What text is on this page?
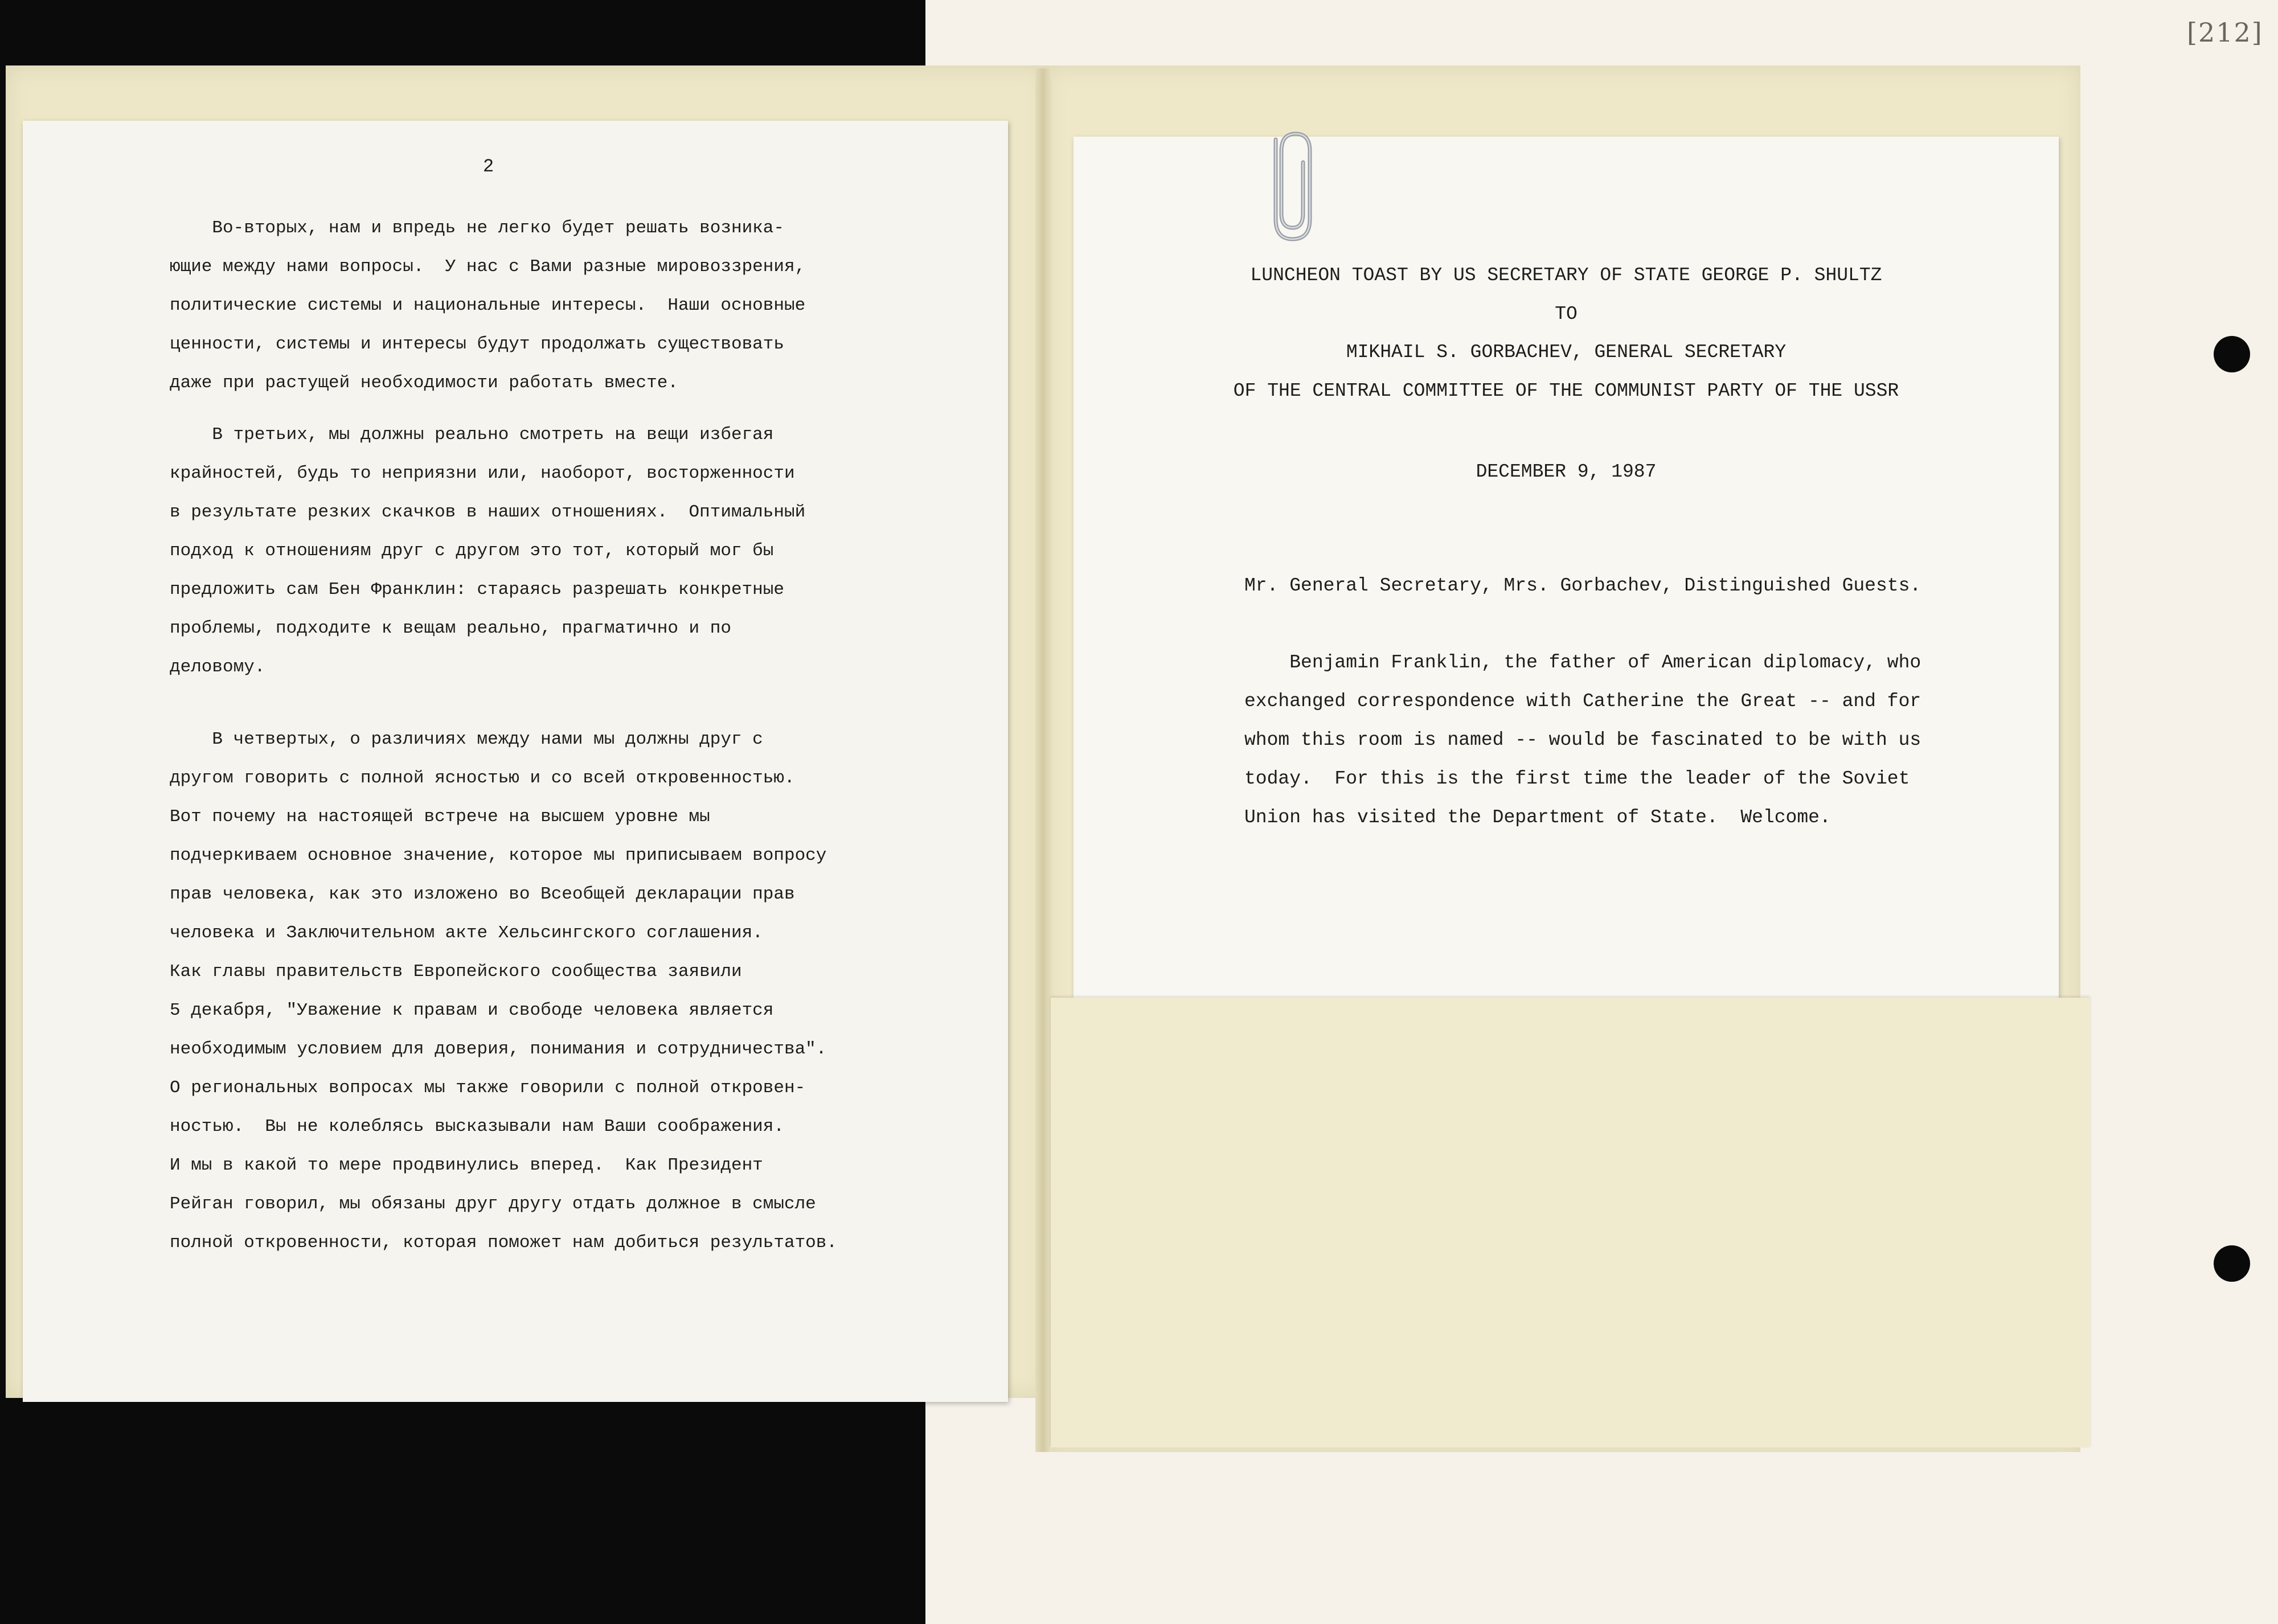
[212]
2
Во-вторых, нам и впредь не легко будет решать возника-
ющие между нами вопросы.  У нас с Вами разные мировоззрения,
политические системы и национальные интересы.  Наши основные
ценности, системы и интересы будут продолжать существовать
даже при растущей необходимости работать вместе.
В третьих, мы должны реально смотреть на вещи избегая
крайностей, будь то неприязни или, наоборот, восторженности
в результате резких скачков в наших отношениях.  Оптимальный
подход к отношениям друг с другом это тот, который мог бы
предложить сам Бен Франклин: стараясь разрешать конкретные
проблемы, подходите к вещам реально, прагматично и по
деловому.
В четвертых, о различиях между нами мы должны друг с
другом говорить с полной ясностью и со всей откровенностью.
Вот почему на настоящей встрече на высшем уровне мы
подчеркиваем основное значение, которое мы приписываем вопросу
прав человека, как это изложено во Всеобщей декларации прав
человека и Заключительном акте Хельсингского соглашения.
Как главы правительств Европейского сообщества заявили
5 декабря, "Уважение к правам и свободе человека является
необходимым условием для доверия, понимания и сотрудничества".
О региональных вопросах мы также говорили с полной откровен-
ностью.  Вы не колеблясь высказывали нам Ваши соображения.
И мы в какой то мере продвинулись вперед.  Как Президент
Рейган говорил, мы обязаны друг другу отдать должное в смысле
полной откровенности, которая поможет нам добиться результатов.
LUNCHEON TOAST BY US SECRETARY OF STATE GEORGE P. SHULTZ
TO
MIKHAIL S. GORBACHEV, GENERAL SECRETARY
OF THE CENTRAL COMMITTEE OF THE COMMUNIST PARTY OF THE USSR
DECEMBER 9, 1987
Mr. General Secretary, Mrs. Gorbachev, Distinguished Guests.
Benjamin Franklin, the father of American diplomacy, who
exchanged correspondence with Catherine the Great -- and for
whom this room is named -- would be fascinated to be with us
today.  For this is the first time the leader of the Soviet
Union has visited the Department of State.  Welcome.
